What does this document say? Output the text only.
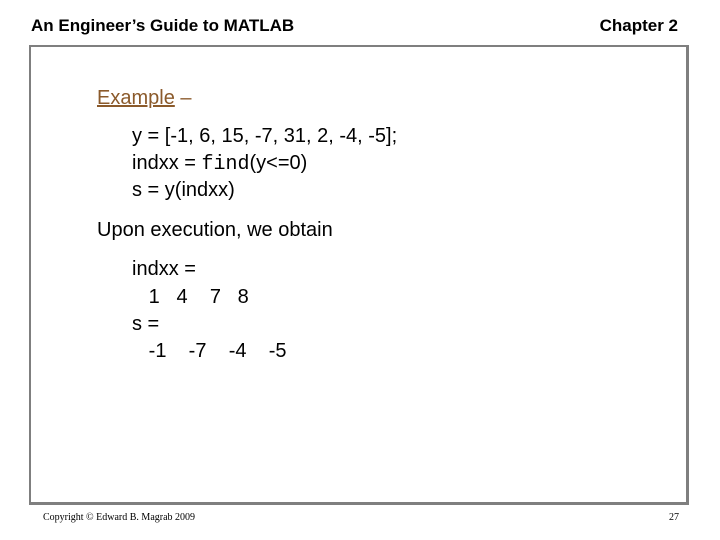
An Engineer’s Guide to MATLAB	Chapter 2
Example –
y = [-1, 6, 15, -7, 31, 2, -4, -5];
indxx = find(y<=0)
s = y(indxx)
Upon execution, we obtain
indxx =
1   4    7   8
s =
-1    -7    -4    -5
Copyright © Edward B. Magrab 2009	27
